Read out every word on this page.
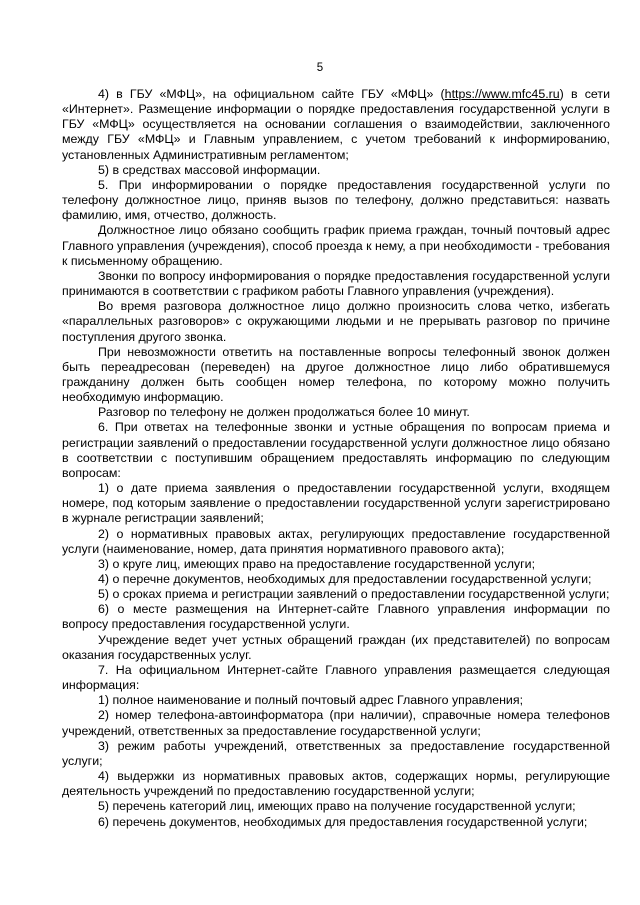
5

4) в ГБУ «МФЦ», на официальном сайте ГБУ «МФЦ» (https://www.mfc45.ru) в сети «Интернет». Размещение информации о порядке предоставления государственной услуги в ГБУ «МФЦ» осуществляется на основании соглашения о взаимодействии, заключенного между ГБУ «МФЦ» и Главным управлением, с учетом требований к информированию, установленных Административным регламентом;

5) в средствах массовой информации.

5. При информировании о порядке предоставления государственной услуги по телефону должностное лицо, приняв вызов по телефону, должно представиться: назвать фамилию, имя, отчество, должность.

Должностное лицо обязано сообщить график приема граждан, точный почтовый адрес Главного управления (учреждения), способ проезда к нему, а при необходимости - требования к письменному обращению.

Звонки по вопросу информирования о порядке предоставления государственной услуги принимаются в соответствии с графиком работы Главного управления (учреждения).

Во время разговора должностное лицо должно произносить слова четко, избегать «параллельных разговоров» с окружающими людьми и не прерывать разговор по причине поступления другого звонка.

При невозможности ответить на поставленные вопросы телефонный звонок должен быть переадресован (переведен) на другое должностное лицо либо обратившемуся гражданину должен быть сообщен номер телефона, по которому можно получить необходимую информацию.

Разговор по телефону не должен продолжаться более 10 минут.

6. При ответах на телефонные звонки и устные обращения по вопросам приема и регистрации заявлений о предоставлении государственной услуги должностное лицо обязано в соответствии с поступившим обращением предоставлять информацию по следующим вопросам:

1) о дате приема заявления о предоставлении государственной услуги, входящем номере, под которым заявление о предоставлении государственной услуги зарегистрировано в журнале регистрации заявлений;

2) о нормативных правовых актах, регулирующих предоставление государственной услуги (наименование, номер, дата принятия нормативного правового акта);

3) о круге лиц, имеющих право на предоставление государственной услуги;

4) о перечне документов, необходимых для предоставлении государственной услуги;

5) о сроках приема и регистрации заявлений о предоставлении государственной услуги;

6) о месте размещения на Интернет-сайте Главного управления информации по вопросу предоставления государственной услуги.

Учреждение ведет учет устных обращений граждан (их представителей) по вопросам оказания государственных услуг.

7. На официальном Интернет-сайте Главного управления размещается следующая информация:

1) полное наименование и полный почтовый адрес Главного управления;

2) номер телефона-автоинформатора (при наличии), справочные номера телефонов учреждений, ответственных за предоставление государственной услуги;

3) режим работы учреждений, ответственных за предоставление государственной услуги;

4) выдержки из нормативных правовых актов, содержащих нормы, регулирующие деятельность учреждений по предоставлению государственной услуги;

5) перечень категорий лиц, имеющих право на получение государственной услуги;

6) перечень документов, необходимых для предоставления государственной услуги;
